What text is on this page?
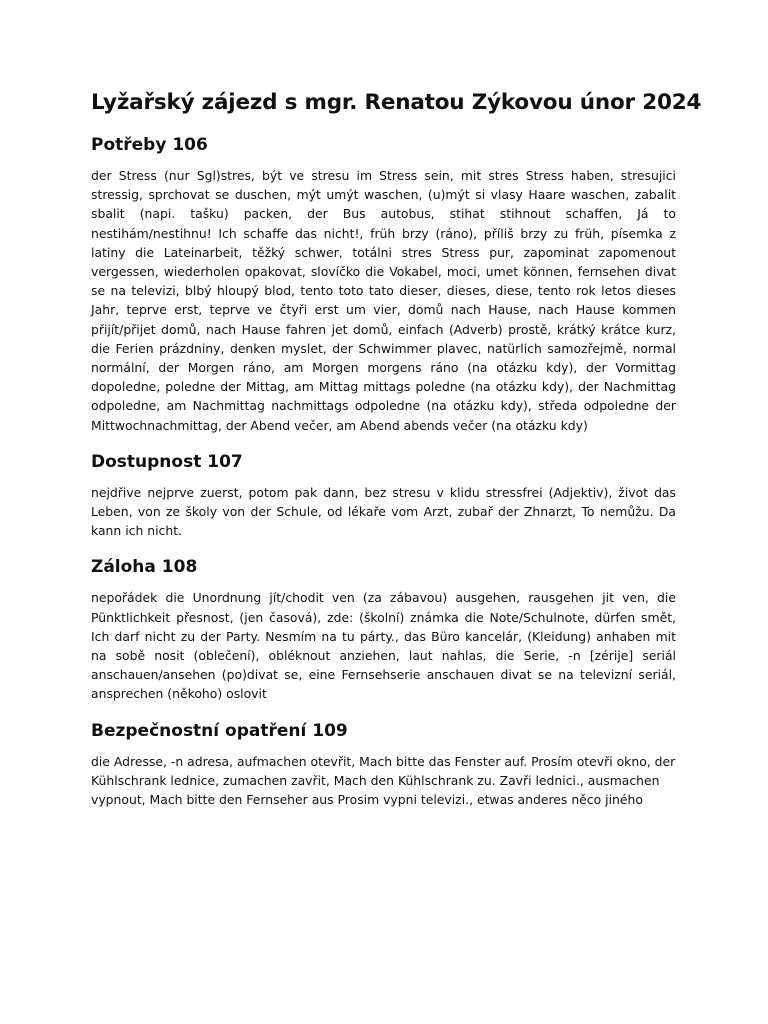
Lyžařský zájezd s mgr. Renatou Zýkovou únor 2024
Potřeby 106

der Stress (nur Sgl)stres, být ve stresu im Stress sein, mit stres Stress haben, stresujici stressig, sprchovat se duschen, mýt umýt waschen, (u)mýt si vlasy Haare waschen, zabalit sbalit (napi. tašku) packen, der Bus autobus, stihat stihnout schaffen, Já to nestihám/nestihnu! Ich schaffe das nicht!, früh brzy (ráno), příliš brzy zu früh, písemka z latiny die Lateinarbeit, těžký schwer, totálni stres Stress pur, zapominat zapomenout vergessen, wiederholen opakovat, slovíčko die Vokabel, moci, umet können, fernsehen divat se na televizi, blbý hloupý blod, tento toto tato dieser, dieses, diese, tento rok letos dieses Jahr, teprve erst, teprve ve čtyři erst um vier, domů nach Hause, nach Hause kommen přijít/přijet domů, nach Hause fahren jet domů, einfach (Adverb) prostě, krátký krátce kurz, die Ferien prázdniny, denken myslet, der Schwimmer plavec, natürlich samozřejmě, normal normální, der Morgen ráno, am Morgen morgens ráno (na otázku kdy), der Vormittag dopoledne, poledne der Mittag, am Mittag mittags poledne (na otázku kdy), der Nachmittag odpoledne, am Nachmittag nachmittags odpoledne (na otázku kdy), středa odpoledne der Mittwochnachmittag, der Abend večer, am Abend abends večer (na otázku kdy)

Dostupnost 107

nejdřive nejprve zuerst, potom pak dann, bez stresu v klidu stressfrei (Adjektiv), život das Leben, von ze školy von der Schule, od lékaře vom Arzt, zubař der Zhnarzt, To nemůžu. Da kann ich nicht.

Záloha 108

nepořádek die Unordnung jít/chodit ven (za zábavou) ausgehen, rausgehen jit ven, die Pünktlichkeit přesnost, (jen časová), zde: (školní) známka die Note/Schulnote, dürfen smět, Ich darf nicht zu der Party. Nesmím na tu párty., das Büro kancelár, (Kleidung) anhaben mit na sobě nosit (oblečení), obléknout anziehen, laut nahlas, die Serie, -n [zérije] seriál anschauen/ansehen (po)divat se, eine Fernsehserie anschauen divat se na televizní seriál, ansprechen (někoho) oslovit

Bezpečnostní opatření 109

die Adresse, -n adresa, aufmachen otevřit, Mach bitte das Fenster auf. Prosím otevři okno, der Kühlschrank lednice, zumachen zavřit, Mach den Kühlschrank zu. Zavři lednici., ausmachen vypnout, Mach bitte den Fernseher aus Prosim vypni televizi., etwas anderes něco jiného
